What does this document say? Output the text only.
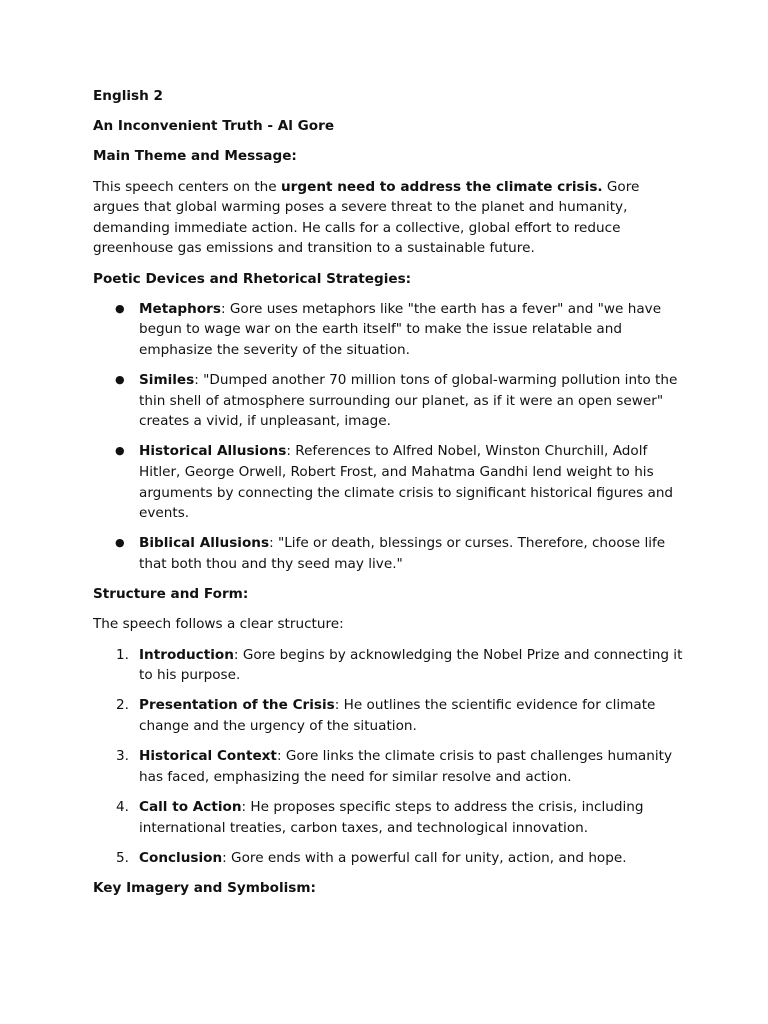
English 2

An Inconvenient Truth - Al Gore

Main Theme and Message:

This speech centers on the urgent need to address the climate crisis. Gore argues that global warming poses a severe threat to the planet and humanity, demanding immediate action. He calls for a collective, global effort to reduce greenhouse gas emissions and transition to a sustainable future.

Poetic Devices and Rhetorical Strategies:

● Metaphors: Gore uses metaphors like "the earth has a fever" and "we have begun to wage war on the earth itself" to make the issue relatable and emphasize the severity of the situation.
● Similes: "Dumped another 70 million tons of global-warming pollution into the thin shell of atmosphere surrounding our planet, as if it were an open sewer" creates a vivid, if unpleasant, image.
● Historical Allusions: References to Alfred Nobel, Winston Churchill, Adolf Hitler, George Orwell, Robert Frost, and Mahatma Gandhi lend weight to his arguments by connecting the climate crisis to significant historical figures and events.
● Biblical Allusions: "Life or death, blessings or curses. Therefore, choose life that both thou and thy seed may live."

Structure and Form:

The speech follows a clear structure:

1. Introduction: Gore begins by acknowledging the Nobel Prize and connecting it to his purpose.
2. Presentation of the Crisis: He outlines the scientific evidence for climate change and the urgency of the situation.
3. Historical Context: Gore links the climate crisis to past challenges humanity has faced, emphasizing the need for similar resolve and action.
4. Call to Action: He proposes specific steps to address the crisis, including international treaties, carbon taxes, and technological innovation.
5. Conclusion: Gore ends with a powerful call for unity, action, and hope.

Key Imagery and Symbolism:
